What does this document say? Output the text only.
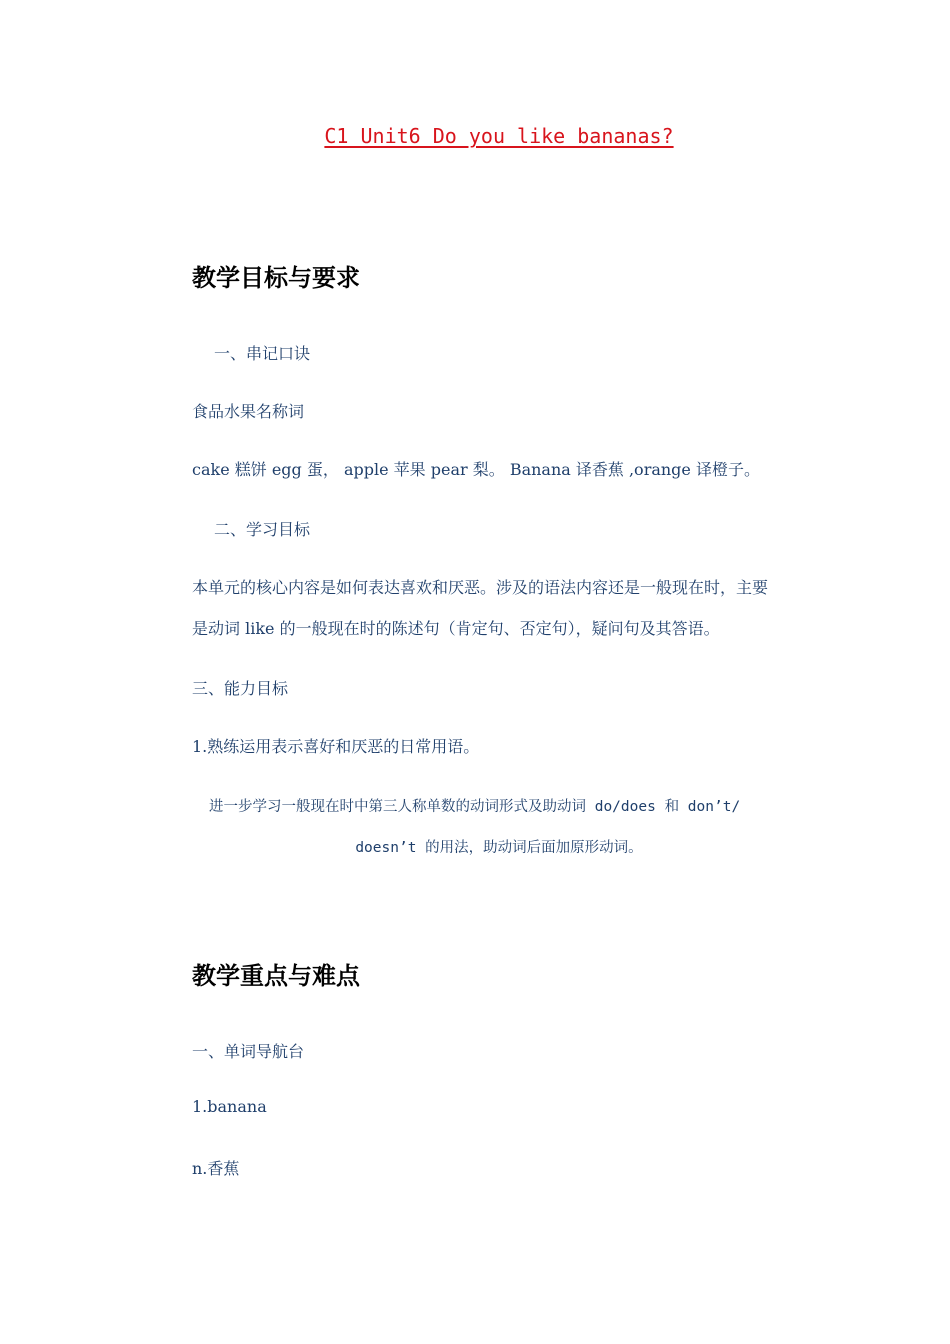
C1 Unit6 Do you like bananas?
教学目标与要求
一、串记口诀
食品水果名称词
cake 糕饼 egg 蛋， apple 苹果 pear 梨。 Banana 译香蕉 ,orange 译橙子。
二、学习目标
本单元的核心内容是如何表达喜欢和厌恶。涉及的语法内容还是一般现在时，主要
是动词 like 的一般现在时的陈述句（肯定句、否定句），疑问句及其答语。
三、能力目标
1.熟练运用表示喜好和厌恶的日常用语。
进一步学习一般现在时中第三人称单数的动词形式及助动词 do/does 和 don’t/
doesn’t 的用法，助动词后面加原形动词。
教学重点与难点
一、单词导航台
1.banana
n.香蕉
